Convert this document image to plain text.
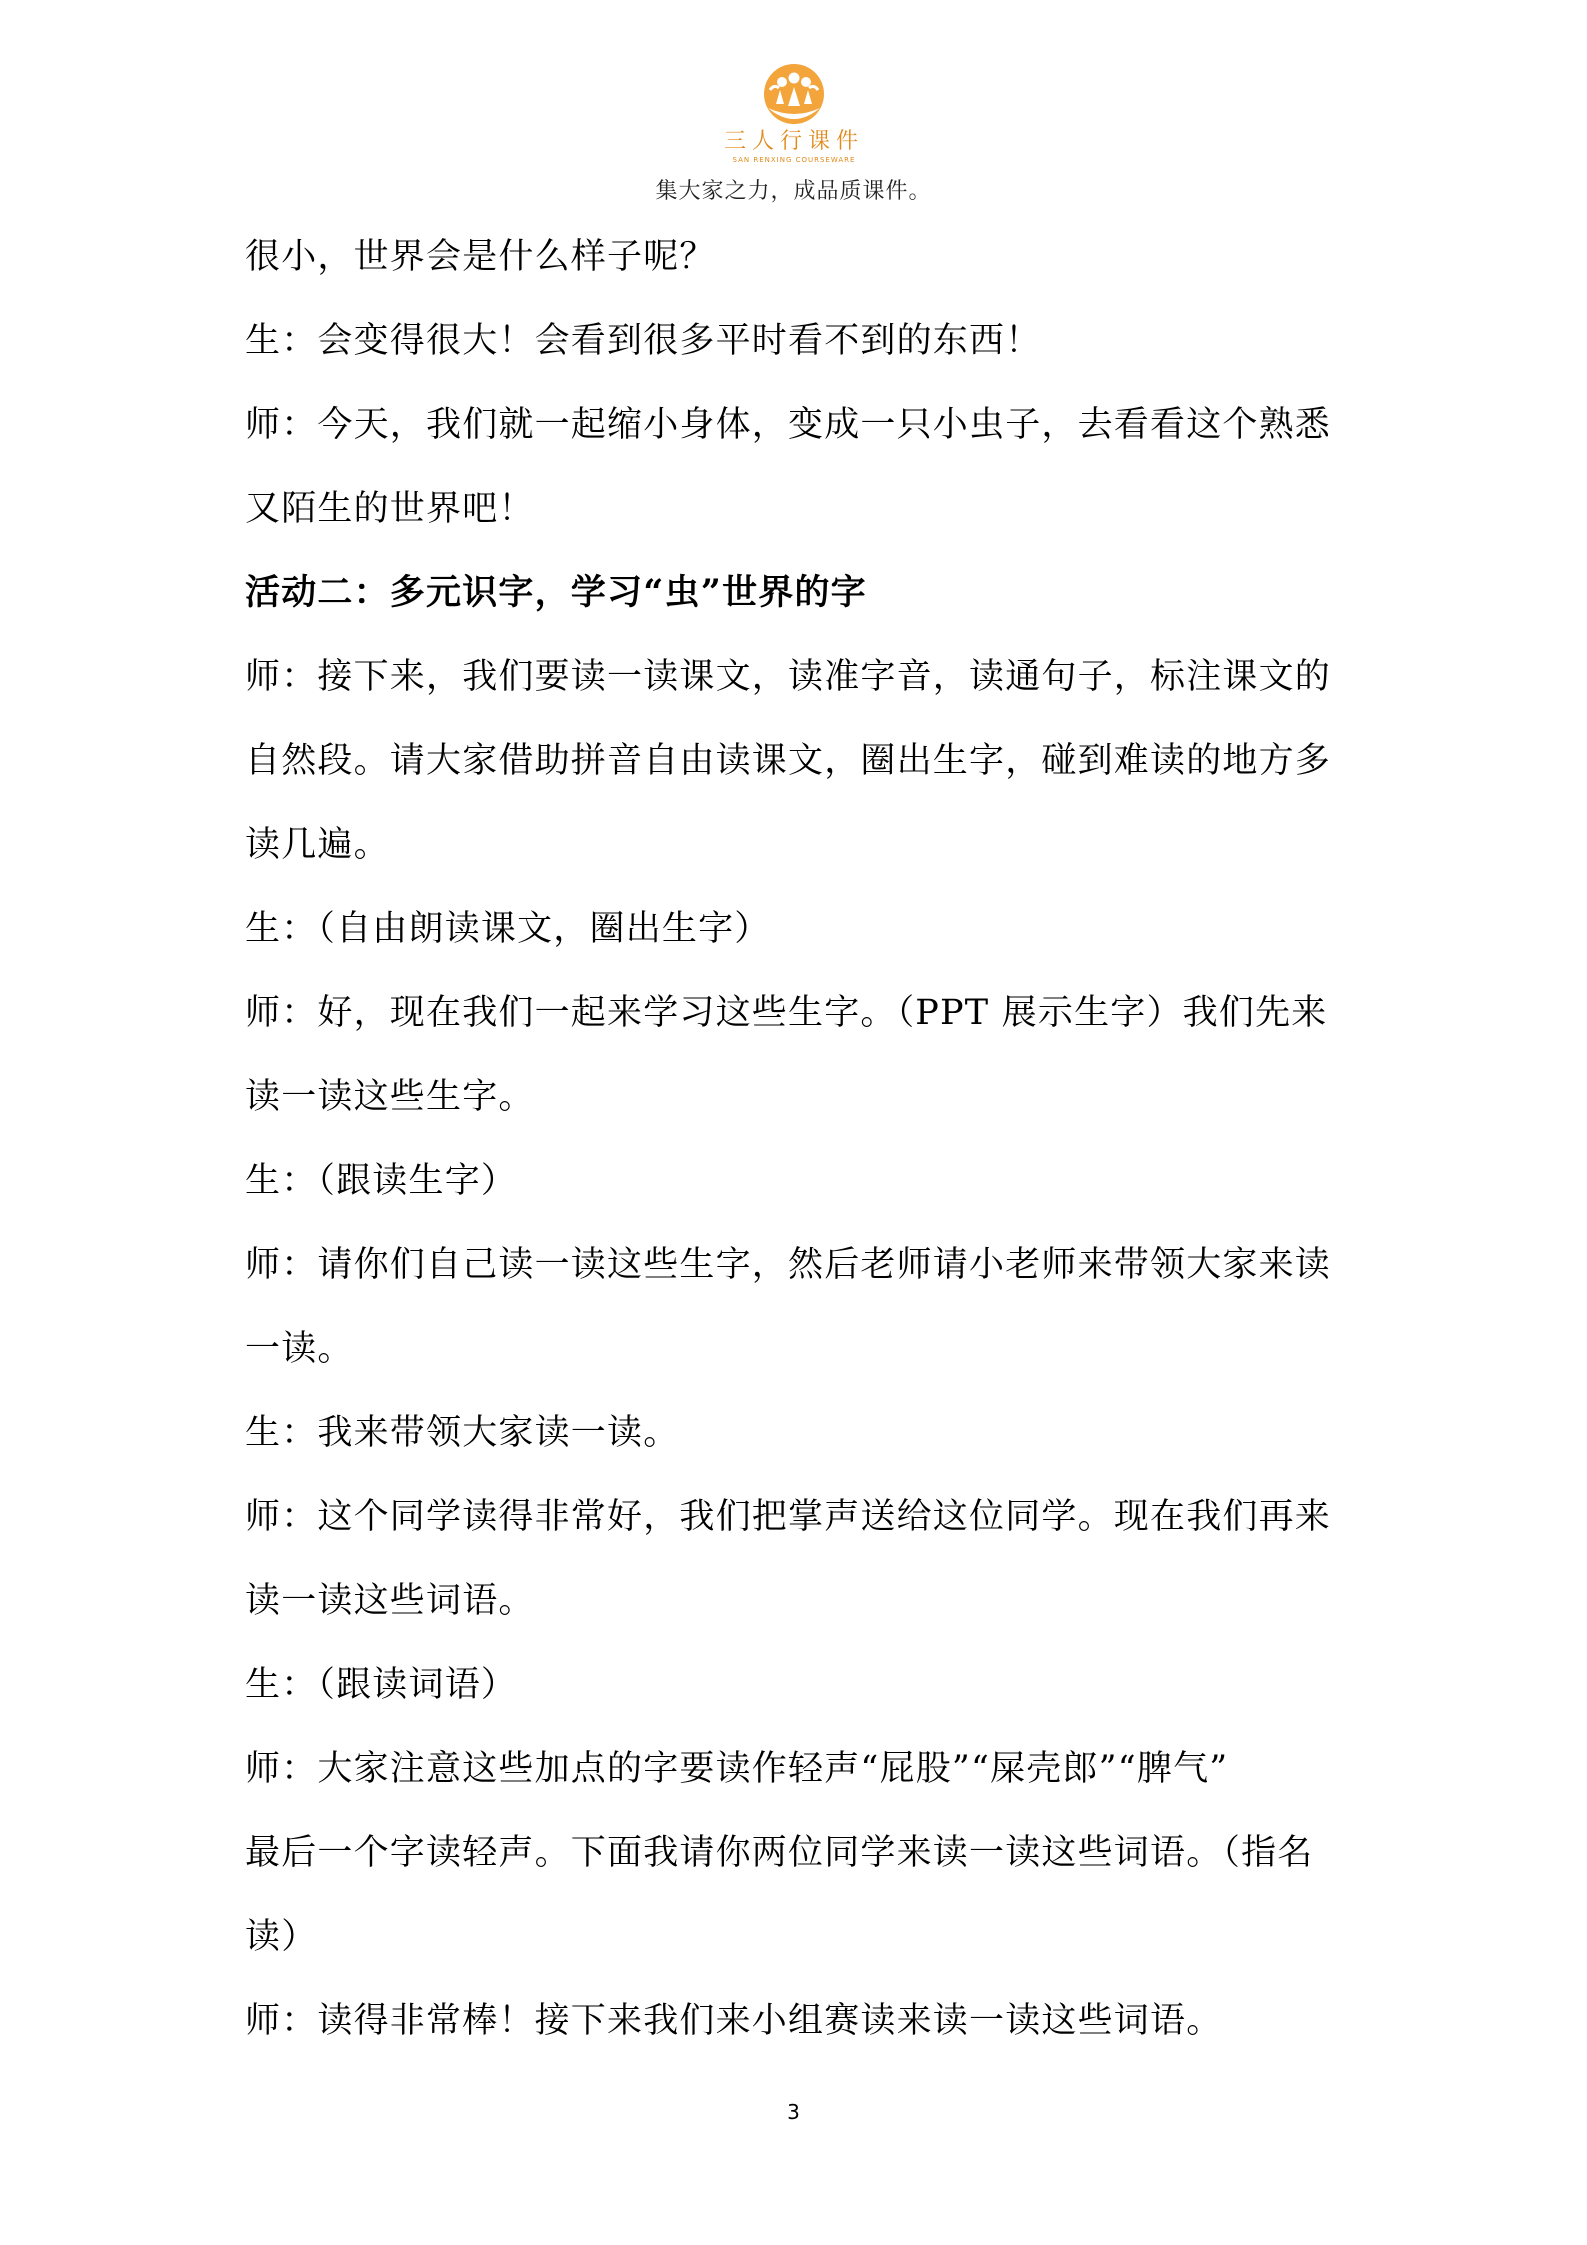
三人行课件
SAN RENXING COURSEWARE
集大家之力，成品质课件。
很小，世界会是什么样子呢？
生：会变得很大！会看到很多平时看不到的东西！
师：今天，我们就一起缩小身体，变成一只小虫子，去看看这个熟悉
又陌生的世界吧！
活动二：多元识字，学习“虫”世界的字
师：接下来，我们要读一读课文，读准字音，读通句子，标注课文的
自然段。请大家借助拼音自由读课文，圈出生字，碰到难读的地方多
读几遍。
生：（自由朗读课文，圈出生字）
师：好，现在我们一起来学习这些生字。（PPT 展示生字）我们先来
读一读这些生字。
生：（跟读生字）
师：请你们自己读一读这些生字，然后老师请小老师来带领大家来读
一读。
生：我来带领大家读一读。
师：这个同学读得非常好，我们把掌声送给这位同学。现在我们再来
读一读这些词语。
生：（跟读词语）
师：大家注意这些加点的字要读作轻声“屁股”“屎壳郎”“脾气”
最后一个字读轻声。下面我请你两位同学来读一读这些词语。（指名
读）
师：读得非常棒！接下来我们来小组赛读来读一读这些词语。
3
